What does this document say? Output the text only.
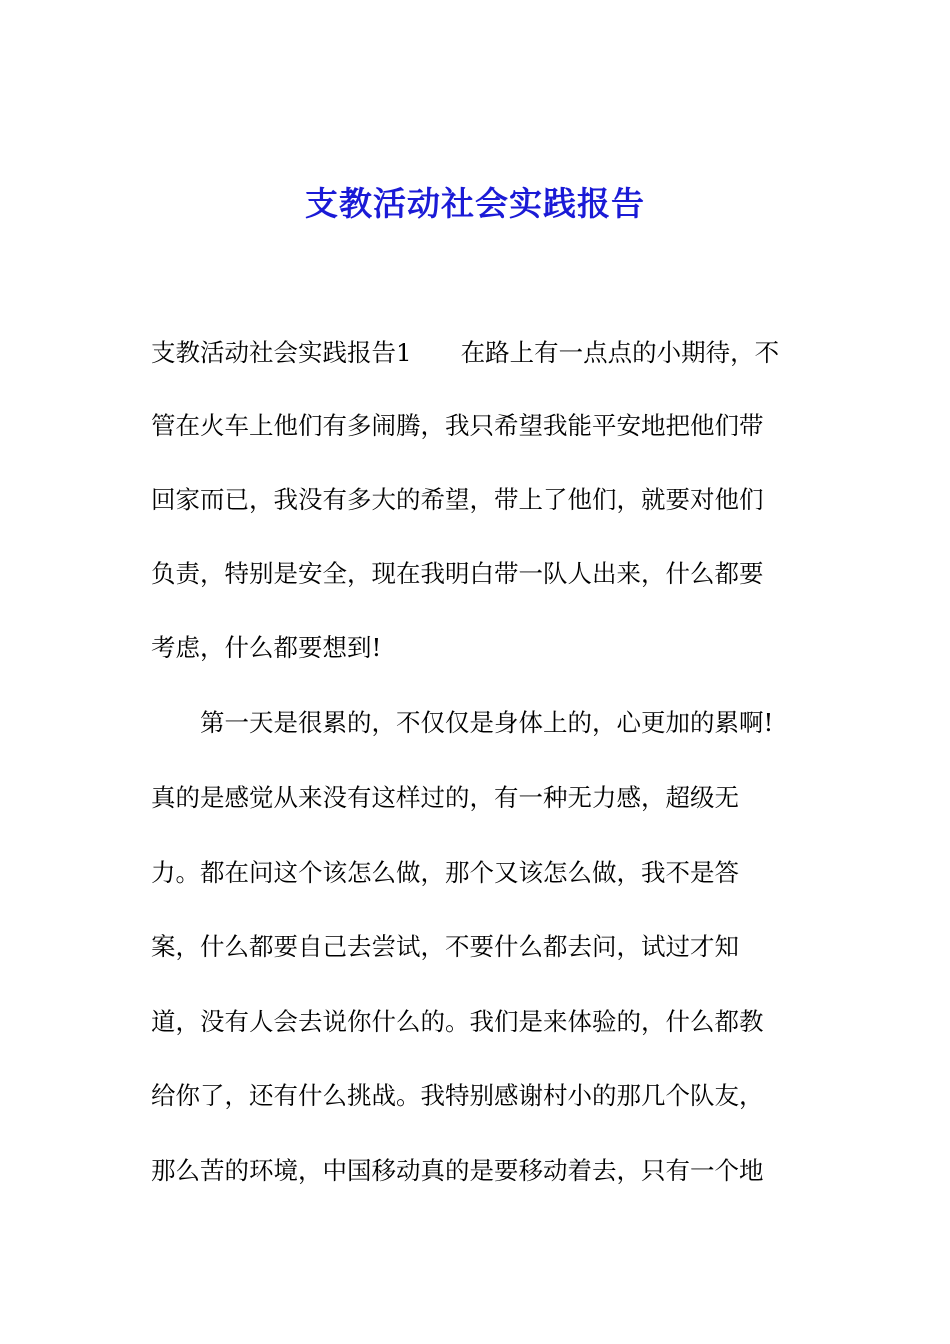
支教活动社会实践报告
支教活动社会实践报告1　　在路上有一点点的小期待，不
管在火车上他们有多闹腾，我只希望我能平安地把他们带
回家而已，我没有多大的希望，带上了他们，就要对他们
负责，特别是安全，现在我明白带一队人出来，什么都要
考虑，什么都要想到!
　　第一天是很累的，不仅仅是身体上的，心更加的累啊!
真的是感觉从来没有这样过的，有一种无力感，超级无
力。都在问这个该怎么做，那个又该怎么做，我不是答
案，什么都要自己去尝试，不要什么都去问，试过才知
道，没有人会去说你什么的。我们是来体验的，什么都教
给你了，还有什么挑战。我特别感谢村小的那几个队友，
那么苦的环境，中国移动真的是要移动着去，只有一个地
